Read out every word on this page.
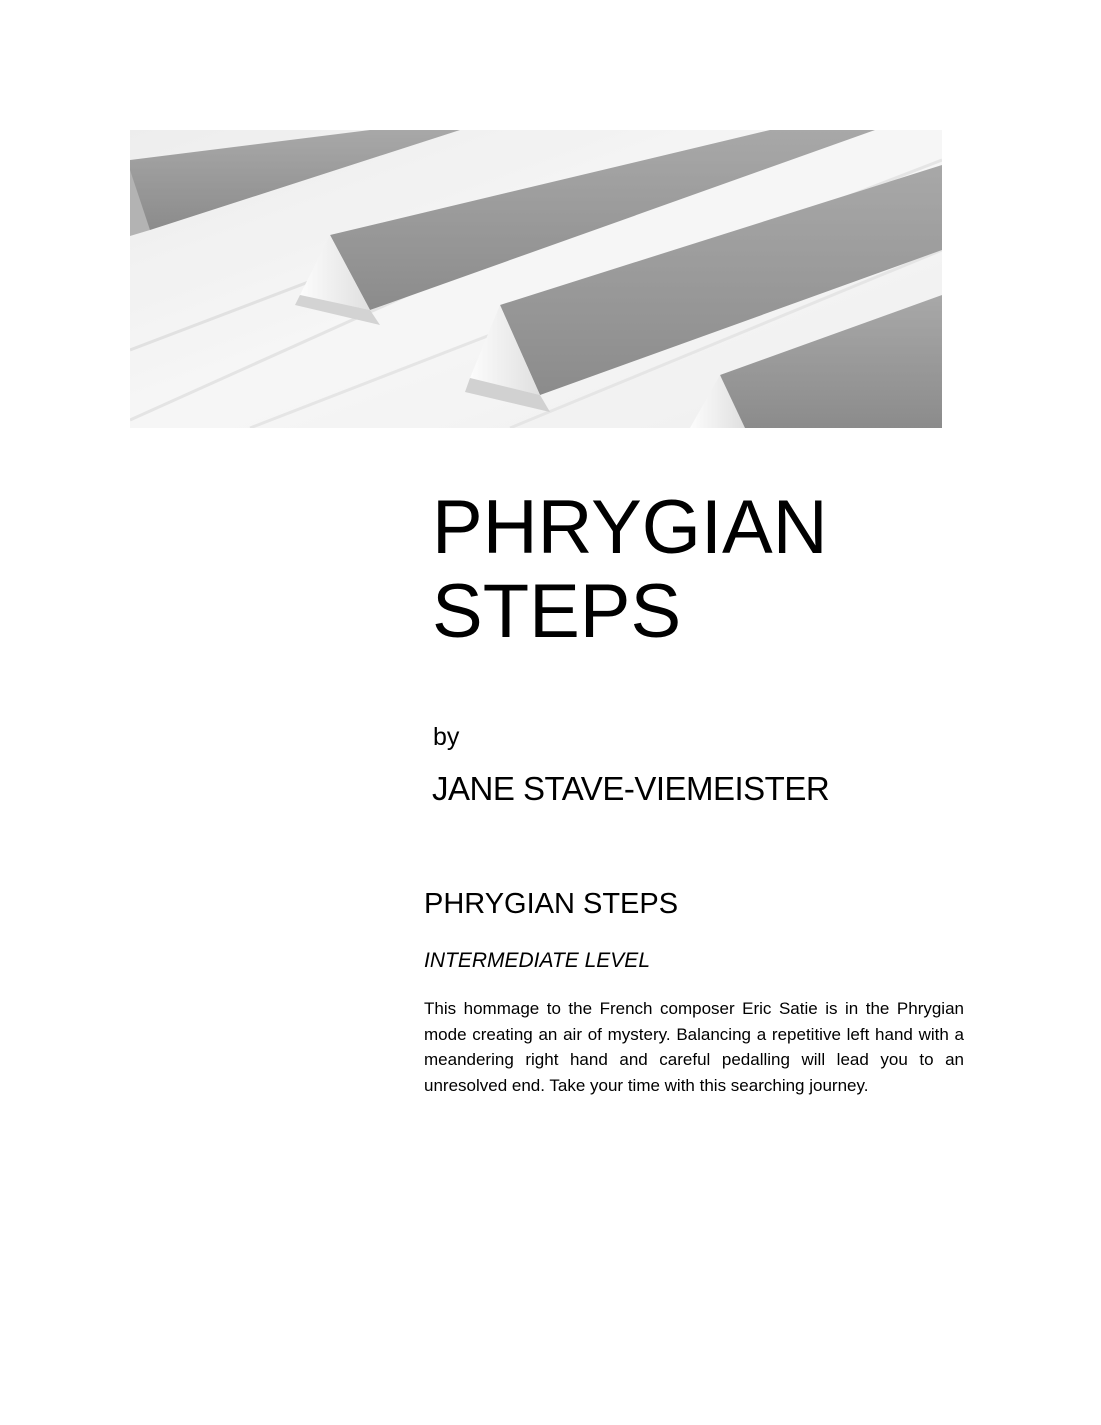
PHRYGIAN
STEPS
by
JANE STAVE-VIEMEISTER
PHRYGIAN STEPS
INTERMEDIATE LEVEL

This hommage to the French composer Eric Satie is in the Phrygian mode creating an air of mystery. Balancing a repetitive left hand with a meandering right hand and careful pedalling will lead you to an unresolved end. Take your time with this searching journey.
